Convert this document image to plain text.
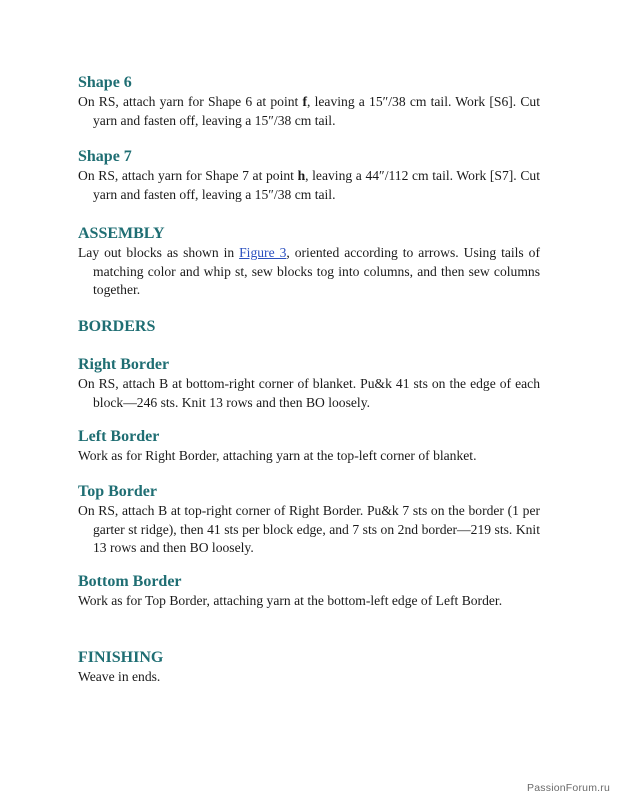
Shape 6

On RS, attach yarn for Shape 6 at point f, leaving a 15″/38 cm tail. Work [S6]. Cut yarn and fasten off, leaving a 15″/38 cm tail.

Shape 7

On RS, attach yarn for Shape 7 at point h, leaving a 44″/112 cm tail. Work [S7]. Cut yarn and fasten off, leaving a 15″/38 cm tail.

ASSEMBLY

Lay out blocks as shown in Figure 3, oriented according to arrows. Using tails of matching color and whip st, sew blocks tog into columns, and then sew columns together.

BORDERS
Right Border

On RS, attach B at bottom-right corner of blanket. Pu&k 41 sts on the edge of each block—246 sts. Knit 13 rows and then BO loosely.

Left Border

Work as for Right Border, attaching yarn at the top-left corner of blanket.

Top Border

On RS, attach B at top-right corner of Right Border. Pu&k 7 sts on the border (1 per garter st ridge), then 41 sts per block edge, and 7 sts on 2nd border—219 sts. Knit 13 rows and then BO loosely.

Bottom Border

Work as for Top Border, attaching yarn at the bottom-left edge of Left Border.

FINISHING

Weave in ends.

PassionForum.ru
